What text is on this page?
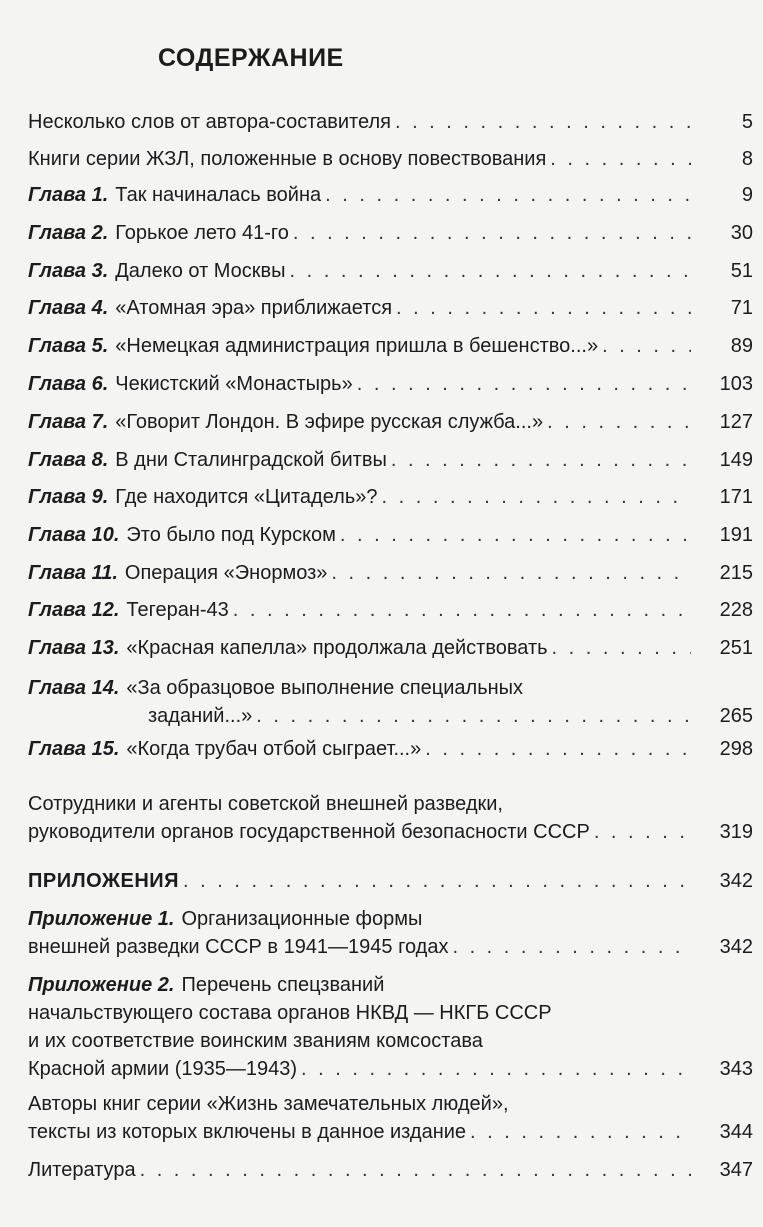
СОДЕРЖАНИЕ
Несколько слов от автора-составителя . . .	5
Книги серии ЖЗЛ, положенные в основу повествования . . .	8
Глава 1. Так начиналась война . . .	9
Глава 2. Горькое лето 41-го . . .	30
Глава 3. Далеко от Москвы . . .	51
Глава 4. «Атомная эра» приближается . . .	71
Глава 5. «Немецкая администрация пришла в бешенство...» . . .	89
Глава 6. Чекистский «Монастырь» . . .	103
Глава 7. «Говорит Лондон. В эфире русская служба...» . . .	127
Глава 8. В дни Сталинградской битвы . . .	149
Глава 9. Где находится «Цитадель»? . . .	171
Глава 10. Это было под Курском . . .	191
Глава 11. Операция «Энормоз» . . .	215
Глава 12. Тегеран-43 . . .	228
Глава 13. «Красная капелла» продолжала действовать . . .	251
Глава 14. «За образцовое выполнение специальных
заданий...» . . .	265
Глава 15. «Когда трубач отбой сыграет...» . . .	298
Сотрудники и агенты советской внешней разведки,
руководители органов государственной безопасности СССР . . .	319
ПРИЛОЖЕНИЯ . . .	342
Приложение 1. Организационные формы
внешней разведки СССР в 1941—1945 годах . . .	342
Приложение 2. Перечень спецзваний
начальствующего состава органов НКВД — НКГБ СССР
и их соответствие воинским званиям комсостава
Красной армии (1935—1943) . . .	343
Авторы книг серии «Жизнь замечательных людей»,
тексты из которых включены в данное издание . . .	344
Литература . . .	347
